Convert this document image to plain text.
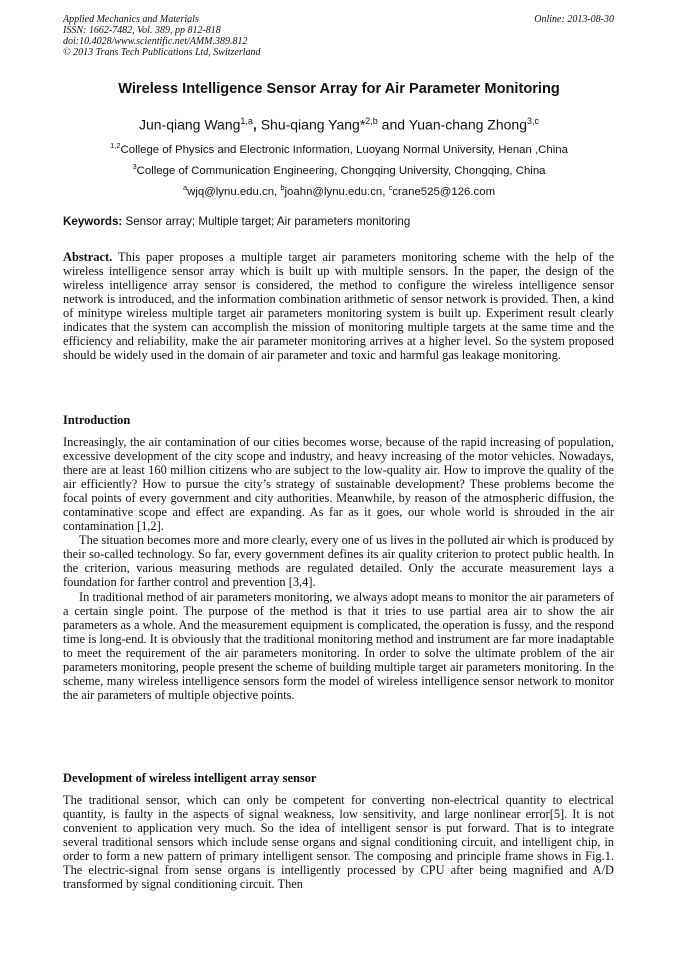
Applied Mechanics and Materials
ISSN: 1662-7482, Vol. 389, pp 812-818
doi:10.4028/www.scientific.net/AMM.389.812
© 2013 Trans Tech Publications Ltd, Switzerland
Online: 2013-08-30
Wireless Intelligence Sensor Array for Air Parameter Monitoring
Jun-qiang Wang$^{1,a}$, Shu-qiang Yang*$^{2,b}$ and Yuan-chang Zhong$^{3,c}$
$^{1,2}$College of Physics and Electronic Information, Luoyang Normal University, Henan ,China
$^3$College of Communication Engineering, Chongqing University, Chongqing, China
$^a$wjq@lynu.edu.cn, $^b$joahn@lynu.edu.cn, $^c$crane525@126.com
Keywords: Sensor array; Multiple target; Air parameters monitoring

Abstract. This paper proposes a multiple target air parameters monitoring scheme with the help of the wireless intelligence sensor array which is built up with multiple sensors. In the paper, the design of the wireless intelligence array sensor is considered, the method to configure the wireless intelligence sensor network is introduced, and the information combination arithmetic of sensor network is provided. Then, a kind of minitype wireless multiple target air parameters monitoring system is built up. Experiment result clearly indicates that the system can accomplish the mission of monitoring multiple targets at the same time and the efficiency and reliability, make the air parameter monitoring arrives at a higher level. So the system proposed should be widely used in the domain of air parameter and toxic and harmful gas leakage monitoring.

Introduction

Increasingly, the air contamination of our cities becomes worse, because of the rapid increasing of population, excessive development of the city scope and industry, and heavy increasing of the motor vehicles. Nowadays, there are at least 160 million citizens who are subject to the low-quality air. How to improve the quality of the air efficiently? How to pursue the city’s strategy of sustainable development? These problems become the focal points of every government and city authorities. Meanwhile, by reason of the atmospheric diffusion, the contaminative scope and effect are expanding. As far as it goes, our whole world is shrouded in the air contamination [1,2].

The situation becomes more and more clearly, every one of us lives in the polluted air which is produced by their so-called technology. So far, every government defines its air quality criterion to protect public health. In the criterion, various measuring methods are regulated detailed. Only the accurate measurement lays a foundation for farther control and prevention [3,4].

In traditional method of air parameters monitoring, we always adopt means to monitor the air parameters of a certain single point. The purpose of the method is that it tries to use partial area air to show the air parameters as a whole. And the measurement equipment is complicated, the operation is fussy, and the respond time is long-end. It is obviously that the traditional monitoring method and instrument are far more inadaptable to meet the requirement of the air parameters monitoring. In order to solve the ultimate problem of the air parameters monitoring, people present the scheme of building multiple target air parameters monitoring. In the scheme, many wireless intelligence sensors form the model of wireless intelligence sensor network to monitor the air parameters of multiple objective points.

Development of wireless intelligent array sensor

The traditional sensor, which can only be competent for converting non-electrical quantity to electrical quantity, is faulty in the aspects of signal weakness, low sensitivity, and large nonlinear error[5]. It is not convenient to application very much. So the idea of intelligent sensor is put forward. That is to integrate several traditional sensors which include sense organs and signal conditioning circuit, and intelligent chip, in order to form a new pattern of primary intelligent sensor. The composing and principle frame shows in Fig.1. The electric-signal from sense organs is intelligently processed by CPU after being magnified and A/D transformed by signal conditioning circuit. Then
